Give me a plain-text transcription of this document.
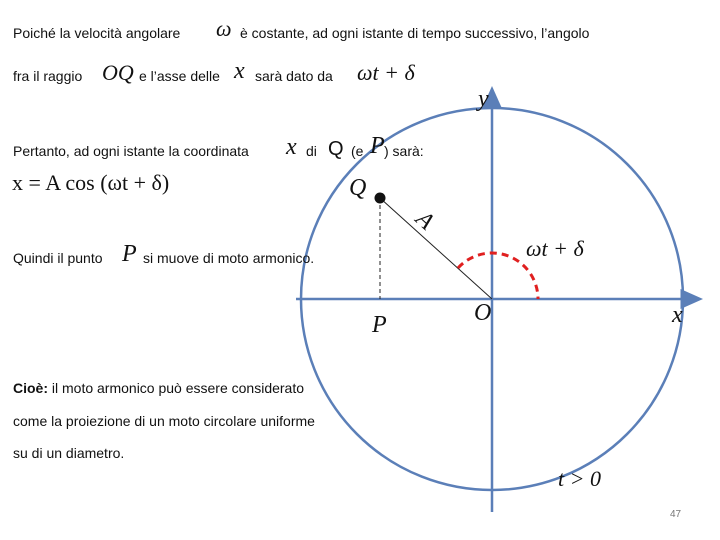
Poiché la velocità angolare ω è costante, ad ogni istante di tempo successivo, l’angolo
fra il raggio OQ e l’asse delle x sarà dato da ωt + δ
y
Pertanto, ad ogni istante la coordinata x di Q (e P ) sarà:
x = A cos (ωt + δ)	Q
A
ωt + δ
Quindi il punto P si muove di moto armonico.
P	O	x
Cioè: il moto armonico può essere considerato
come la proiezione di un moto circolare uniforme
su di un diametro.
t > 0
47
